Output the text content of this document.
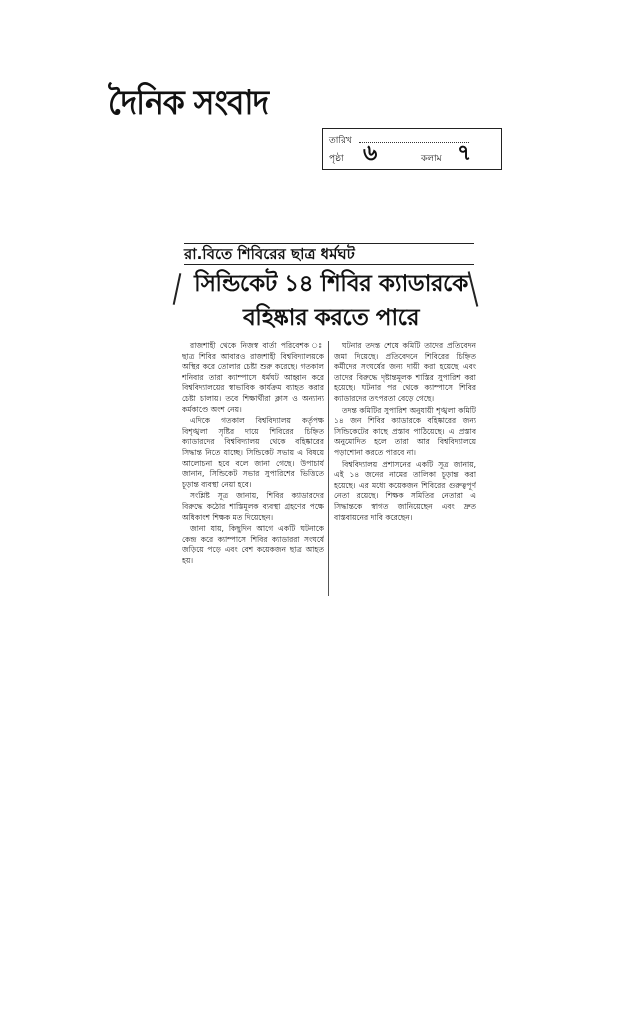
দৈনিক সংবাদ
তারিখ
পৃষ্ঠা ৬	কলাম ৭
রা.বিতে শিবিরের ছাত্র ধর্মঘট
সিন্ডিকেট ১৪ শিবির ক্যাডারকে
বহিষ্কার করতে পারে

রাজশাহী থেকে নিজস্ব বার্তা পরিবেশক ঃ ছাত্র শিবির আবারও রাজশাহী বিশ্ববিদ্যালয়কে অস্থির করে তোলার চেষ্টা শুরু করেছে। গতকাল শনিবার তারা ক্যাম্পাসে ধর্মঘট আহ্বান করে বিশ্ববিদ্যালয়ের স্বাভাবিক কার্যক্রম ব্যাহত করার চেষ্টা চালায়। তবে শিক্ষার্থীরা ক্লাস ও অন্যান্য কর্মকাণ্ডে অংশ নেয়।

এদিকে গতকাল বিশ্ববিদ্যালয় কর্তৃপক্ষ বিশৃঙ্খলা সৃষ্টির দায়ে শিবিরের চিহ্নিত ক্যাডারদের বিশ্ববিদ্যালয় থেকে বহিষ্কারের সিদ্ধান্ত নিতে যাচ্ছে। সিন্ডিকেট সভায় এ বিষয়ে আলোচনা হবে বলে জানা গেছে। উপাচার্য জানান, সিন্ডিকেট সভার সুপারিশের ভিত্তিতে চূড়ান্ত ব্যবস্থা নেয়া হবে।

সংশ্লিষ্ট সূত্র জানায়, শিবির ক্যাডারদের বিরুদ্ধে কঠোর শাস্তিমূলক ব্যবস্থা গ্রহণের পক্ষে অধিকাংশ শিক্ষক মত দিয়েছেন।

জানা যায়, কিছুদিন আগে একটি ঘটনাকে কেন্দ্র করে ক্যাম্পাসে শিবির ক্যাডাররা সংঘর্ষে জড়িয়ে পড়ে এবং বেশ কয়েকজন ছাত্র আহত হয়।

ঘটনার তদন্ত শেষে কমিটি তাদের প্রতিবেদন জমা দিয়েছে। প্রতিবেদনে শিবিরের চিহ্নিত কর্মীদের সংঘর্ষের জন্য দায়ী করা হয়েছে এবং তাদের বিরুদ্ধে দৃষ্টান্তমূলক শাস্তির সুপারিশ করা হয়েছে। ঘটনার পর থেকে ক্যাম্পাসে শিবির ক্যাডারদের তৎপরতা বেড়ে গেছে।

তদন্ত কমিটির সুপারিশ অনুযায়ী শৃঙ্খলা কমিটি ১৪ জন শিবির ক্যাডারকে বহিষ্কারের জন্য সিন্ডিকেটের কাছে প্রস্তাব পাঠিয়েছে। এ প্রস্তাব অনুমোদিত হলে তারা আর বিশ্ববিদ্যালয়ে পড়াশোনা করতে পারবে না।

বিশ্ববিদ্যালয় প্রশাসনের একটি সূত্র জানায়, এই ১৪ জনের নামের তালিকা চূড়ান্ত করা হয়েছে। এর মধ্যে কয়েকজন শিবিরের গুরুত্বপূর্ণ নেতা রয়েছে। শিক্ষক সমিতির নেতারা এ সিদ্ধান্তকে স্বাগত জানিয়েছেন এবং দ্রুত বাস্তবায়নের দাবি করেছেন।
